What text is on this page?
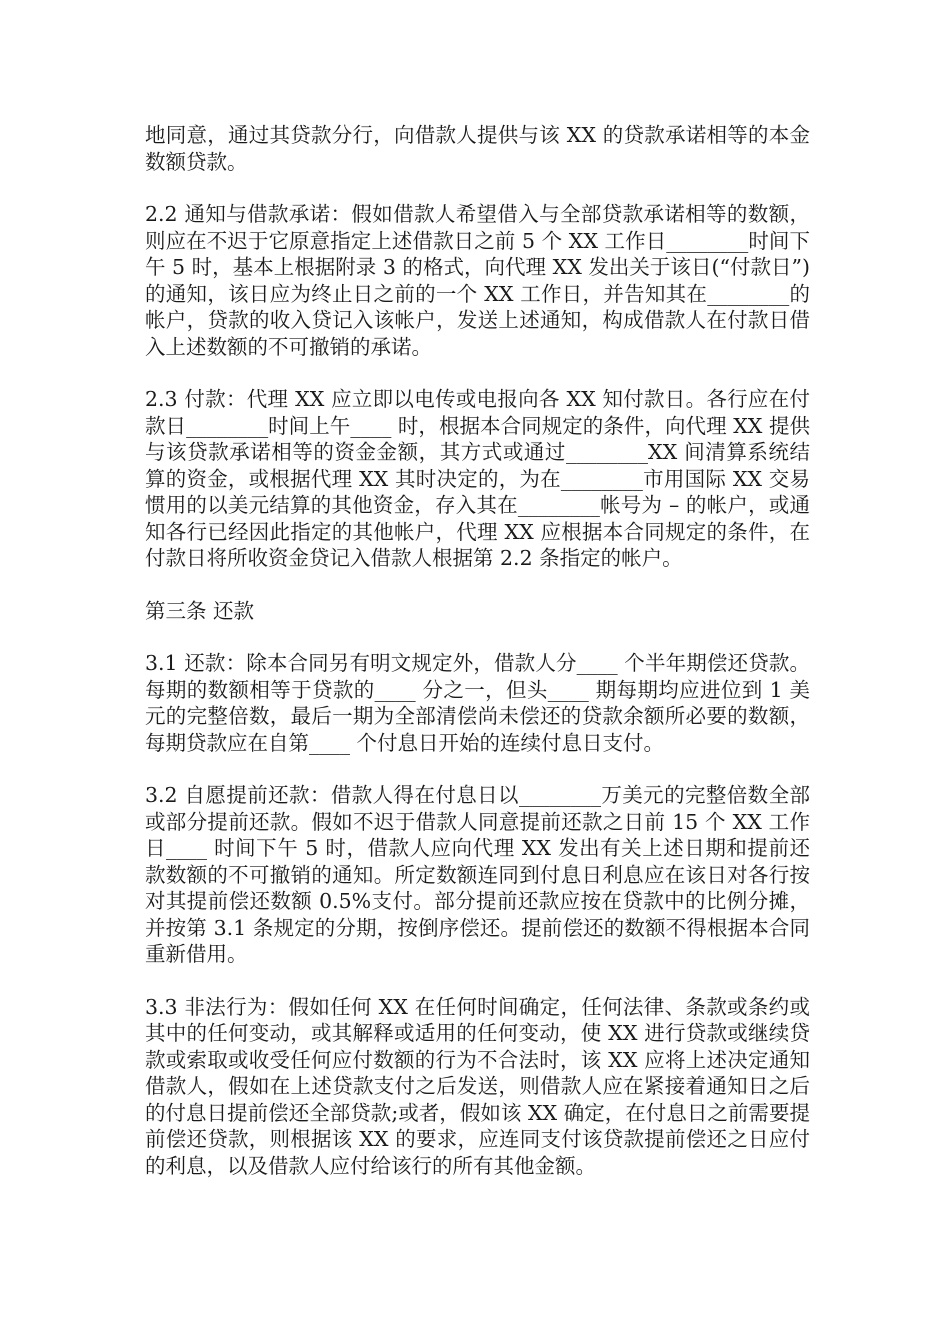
地同意，通过其贷款分行，向借款人提供与该 XX 的贷款承诺相等的本金数额贷款。

2.2 通知与借款承诺：假如借款人希望借入与全部贷款承诺相等的数额，则应在不迟于它原意指定上述借款日之前 5 个 XX 工作日________时间下午 5 时，基本上根据附录 3 的格式，向代理 XX 发出关于该日(“付款日”)的通知，该日应为终止日之前的一个 XX 工作日，并告知其在________的帐户，贷款的收入贷记入该帐户，发送上述通知，构成借款人在付款日借入上述数额的不可撤销的承诺。

2.3 付款：代理 XX 应立即以电传或电报向各 XX 知付款日。各行应在付款日________时间上午____ 时，根据本合同规定的条件，向代理 XX 提供与该贷款承诺相等的资金金额，其方式或通过________XX 间清算系统结算的资金，或根据代理 XX 其时决定的，为在________市用国际 XX 交易惯用的以美元结算的其他资金，存入其在________帐号为 – 的帐户，或通知各行已经因此指定的其他帐户，代理 XX 应根据本合同规定的条件，在付款日将所收资金贷记入借款人根据第 2.2 条指定的帐户。

第三条 还款

3.1 还款：除本合同另有明文规定外，借款人分____ 个半年期偿还贷款。每期的数额相等于贷款的____ 分之一，但头____ 期每期均应进位到 1 美元的完整倍数，最后一期为全部清偿尚未偿还的贷款余额所必要的数额，每期贷款应在自第____ 个付息日开始的连续付息日支付。

3.2 自愿提前还款：借款人得在付息日以________万美元的完整倍数全部或部分提前还款。假如不迟于借款人同意提前还款之日前 15 个 XX 工作日____ 时间下午 5 时，借款人应向代理 XX 发出有关上述日期和提前还款数额的不可撤销的通知。所定数额连同到付息日利息应在该日对各行按对其提前偿还数额 0.5%支付。部分提前还款应按在贷款中的比例分摊，并按第 3.1 条规定的分期，按倒序偿还。提前偿还的数额不得根据本合同重新借用。

3.3 非法行为：假如任何 XX 在任何时间确定，任何法律、条款或条约或其中的任何变动，或其解释或适用的任何变动，使 XX 进行贷款或继续贷款或索取或收受任何应付数额的行为不合法时，该 XX 应将上述决定通知借款人，假如在上述贷款支付之后发送，则借款人应在紧接着通知日之后的付息日提前偿还全部贷款;或者，假如该 XX 确定，在付息日之前需要提前偿还贷款，则根据该 XX 的要求，应连同支付该贷款提前偿还之日应付的利息，以及借款人应付给该行的所有其他金额。
